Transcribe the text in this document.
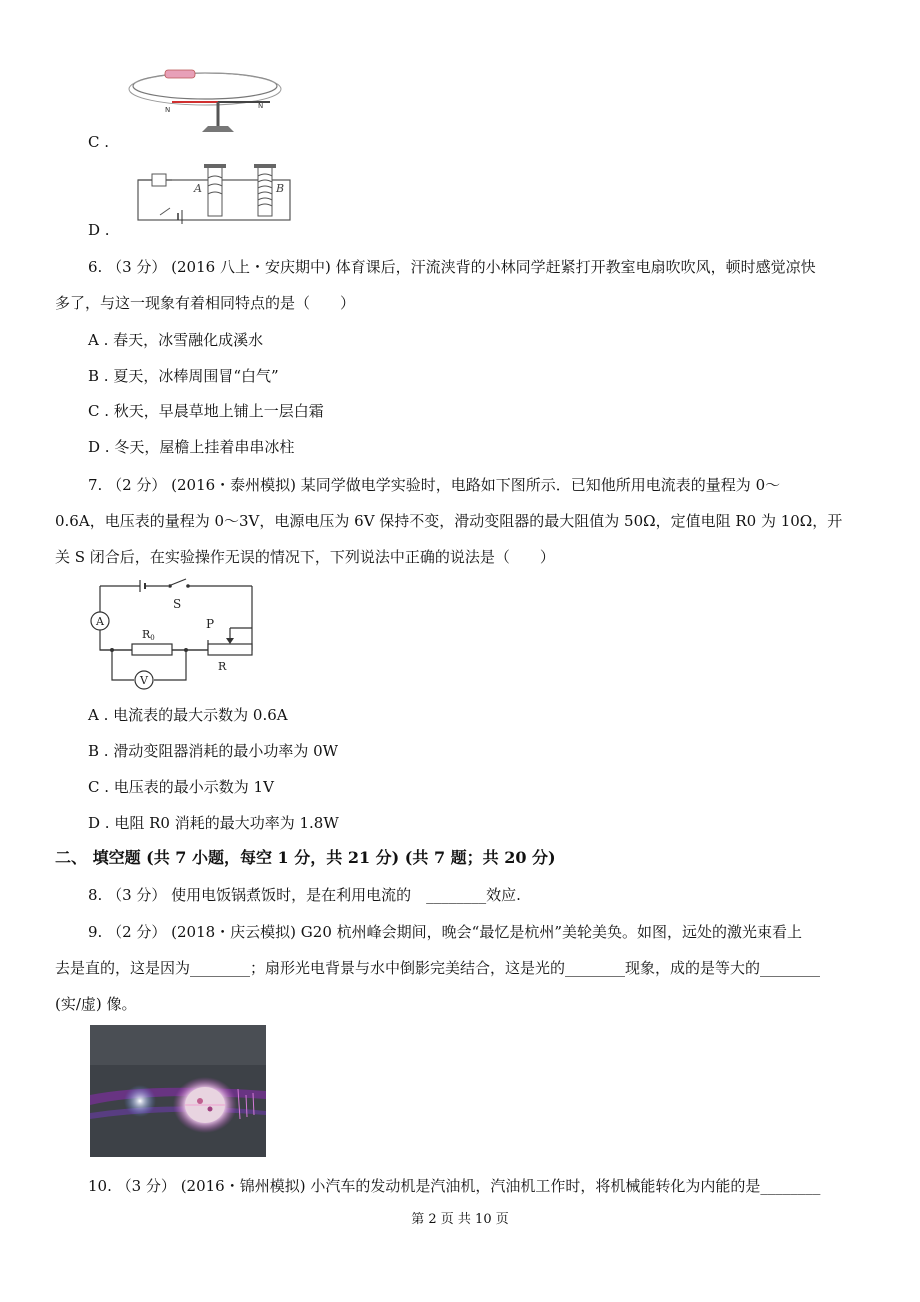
N	N
C .
A	B
D .
6. （3 分） (2016 八上・安庆期中) 体育课后，汗流浃背的小林同学赶紧打开教室电扇吹吹风，顿时感觉凉快
多了，与这一现象有着相同特点的是（　　）
A . 春天，冰雪融化成溪水
B . 夏天，冰棒周围冒“白气”
C . 秋天，早晨草地上铺上一层白霜
D . 冬天，屋檐上挂着串串冰柱
7. （2 分） (2016・泰州模拟) 某同学做电学实验时，电路如下图所示．已知他所用电流表的量程为 0～
0.6A，电压表的量程为 0～3V，电源电压为 6V 保持不变，滑动变阻器的最大阻值为 50Ω，定值电阻 R0 为 10Ω，开
关 S 闭合后，在实验操作无误的情况下，下列说法中正确的说法是（　　）
A
S
R0
R
P
V
A . 电流表的最大示数为 0.6A
B . 滑动变阻器消耗的最小功率为 0W
C . 电压表的最小示数为 1V
D . 电阻 R0 消耗的最大功率为 1.8W
二、 填空题 (共 7 小题，每空 1 分，共 21 分) (共 7 题；共 20 分)
8. （3 分） 使用电饭锅煮饭时，是在利用电流的　________效应.
9. （2 分） (2018・庆云模拟) G20 杭州峰会期间，晚会“最忆是杭州”美轮美奂。如图，远处的激光束看上
去是直的，这是因为________；扇形光电背景与水中倒影完美结合，这是光的________现象，成的是等大的________
(实/虚) 像。
10. （3 分） (2016・锦州模拟) 小汽车的发动机是汽油机，汽油机工作时，将机械能转化为内能的是________
第 2 页 共 10 页
